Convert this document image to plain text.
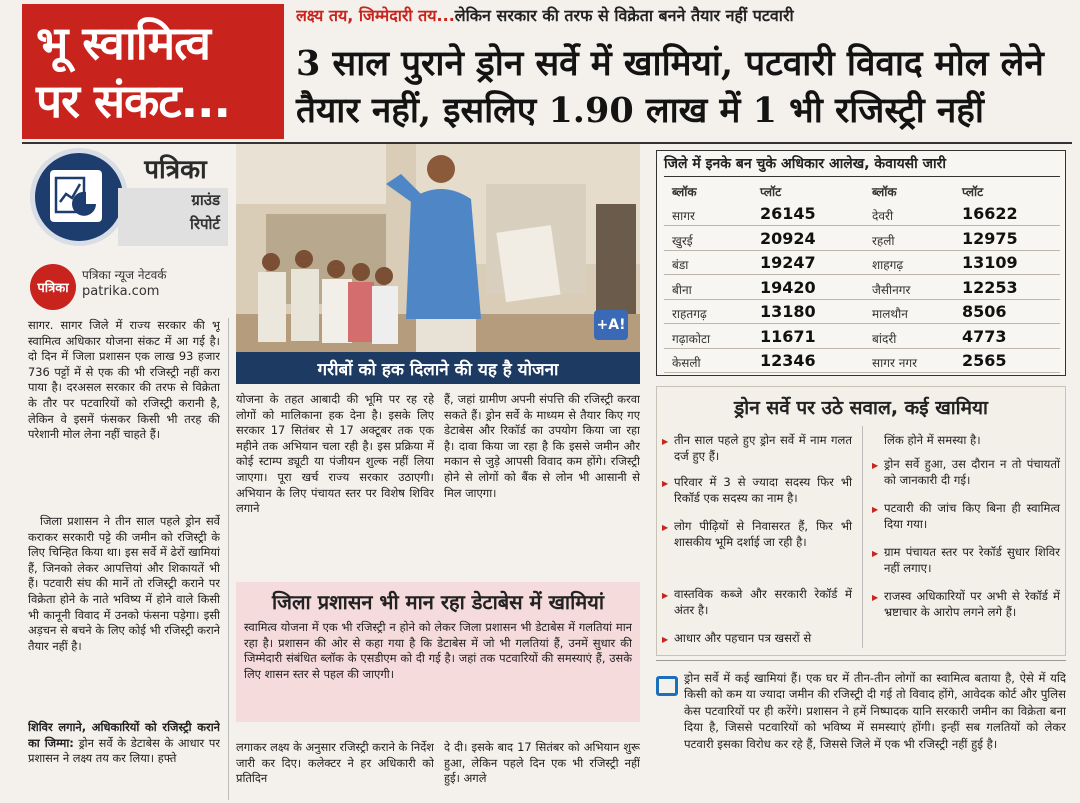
भू स्वामित्व
पर संकट...
लक्ष्य तय, जिम्मेदारी तय...लेकिन सरकार की तरफ से विक्रेता बनने तैयार नहीं पटवारी
3 साल पुराने ड्रोन सर्वे में खामियां, पटवारी विवाद मोल लेने तैयार नहीं, इसलिए 1.90 लाख में 1 भी रजिस्ट्री नहीं
पत्रिका
ग्राउंड
रिपोर्ट
पत्रिका
पत्रिका न्यूज नेटवर्क
patrika.com
+A!
गरीबों को हक दिलाने की यह है योजना
जिले में इनके बन चुके अधिकार आलेख, केवायसी जारी
ब्लॉक	प्लॉट	ब्लॉक	प्लॉट
सागर	26145	देवरी	16622
खुरई	20924	रहली	12975
बंडा	19247	शाहगढ़	13109
बीना	19420	जैसीनगर	12253
राहतगढ़	13180	मालथौन	8506
गढ़ाकोटा	11671	बांदरी	4773
केसली	12346	सागर नगर	2565
ड्रोन सर्वे पर उठे सवाल, कई खामिया
▶ तीन साल पहले हुए ड्रोन सर्वे में नाम गलत दर्ज हुए हैं।
▶ परिवार में 3 से ज्यादा सदस्य फिर भी रिकॉर्ड एक सदस्य का नाम है।
▶ लोग पीढ़ियों से निवासरत हैं, फिर भी शासकीय भूमि दर्शाई जा रही है।
▶ वास्तविक कब्जे और सरकारी रेकॉर्ड में अंतर है।
▶ आधार और पहचान पत्र खसरों से
लिंक होने में समस्या है।
▶ ड्रोन सर्वे हुआ, उस दौरान न तो पंचायतों को जानकारी दी गई।
▶ पटवारी की जांच किए बिना ही स्वामित्व दिया गया।
▶ ग्राम पंचायत स्तर पर रेकॉर्ड सुधार शिविर नहीं लगाए।
▶ राजस्व अधिकारियों पर अभी से रेकॉर्ड में भ्रष्टाचार के आरोप लगने लगे हैं।
ड्रोन सर्वे में कई खामियां हैं। एक घर में तीन-तीन लोगों का स्वामित्व बताया है, ऐसे में यदि किसी को कम या ज्यादा जमीन की रजिस्ट्री दी गई तो विवाद होंगे, आवेदक कोर्ट और पुलिस केस पटवारियों पर ही करेंगे। प्रशासन ने हमें निष्पादक यानि सरकारी जमीन का विक्रेता बना दिया है, जिससे पटवारियों को भविष्य में समस्याएं होंगी। इन्हीं सब गलतियों को लेकर पटवारी इसका विरोध कर रहे हैं, जिससे जिले में एक भी रजिस्ट्री नहीं हुई है।
सागर. सागर जिले में राज्य सरकार की भू स्वामित्व अधिकार योजना संकट में आ गई है। दो दिन में जिला प्रशासन एक लाख 93 हजार 736 पट्टों में से एक की भी रजिस्ट्री नहीं करा पाया है। दरअसल सरकार की तरफ से विक्रेता के तौर पर पटवारियों को रजिस्ट्री करानी है, लेकिन वे इसमें फंसकर किसी भी तरह की परेशानी मोल लेना नहीं चाहते हैं।
जिला प्रशासन ने तीन साल पहले ड्रोन सर्वे कराकर सरकारी पट्टे की जमीन को रजिस्ट्री के लिए चिन्हित किया था। इस सर्वे में ढेरों खामियां हैं, जिनको लेकर आपत्तियां और शिकायतें भी हैं। पटवारी संघ की मानें तो रजिस्ट्री कराने पर विक्रेता होने के नाते भविष्य में होने वाले किसी भी कानूनी विवाद में उनको फंसना पड़ेगा। इसी अड़चन से बचने के लिए कोई भी रजिस्ट्री कराने तैयार नहीं है।
शिविर लगाने, अधिकारियों को रजिस्ट्री कराने का जिम्मा: ड्रोन सर्वे के डेटाबेस के आधार पर प्रशासन ने लक्ष्य तय कर लिया। हफ्ते
योजना के तहत आबादी की भूमि पर रह रहे लोगों को मालिकाना हक देना है। इसके लिए सरकार 17 सितंबर से 17 अक्टूबर तक एक महीने तक अभियान चला रही है। इस प्रक्रिया में कोई स्टाम्प ड्यूटी या पंजीयन शुल्क नहीं लिया जाएगा। पूरा खर्च राज्य सरकार उठाएगी। अभियान के लिए पंचायत स्तर पर विशेष शिविर लगाने
हैं, जहां ग्रामीण अपनी संपत्ति की रजिस्ट्री करवा सकते हैं। ड्रोन सर्वे के माध्यम से तैयार किए गए डेटाबेस और रिकॉर्ड का उपयोग किया जा रहा है। दावा किया जा रहा है कि इससे जमीन और मकान से जुड़े आपसी विवाद कम होंगे। रजिस्ट्री होने से लोगों को बैंक से लोन भी आसानी से मिल जाएगा।
जिला प्रशासन भी मान रहा डेटाबेस में खामियां
स्वामित्व योजना में एक भी रजिस्ट्री न होने को लेकर जिला प्रशासन भी डेटाबेस में गलतियां मान रहा है। प्रशासन की ओर से कहा गया है कि डेटाबेस में जो भी गलतियां हैं, उनमें सुधार की जिम्मेदारी संबंधित ब्लॉक के एसडीएम को दी गई है। जहां तक पटवारियों की समस्याएं हैं, उसके लिए शासन स्तर से पहल की जाएगी।
लगाकर लक्ष्य के अनुसार रजिस्ट्री कराने के निर्देश जारी कर दिए। कलेक्टर ने हर अधिकारी को प्रतिदिन
दे दी। इसके बाद 17 सितंबर को अभियान शुरू हुआ, लेकिन पहले दिन एक भी रजिस्ट्री नहीं हुई। अगले
